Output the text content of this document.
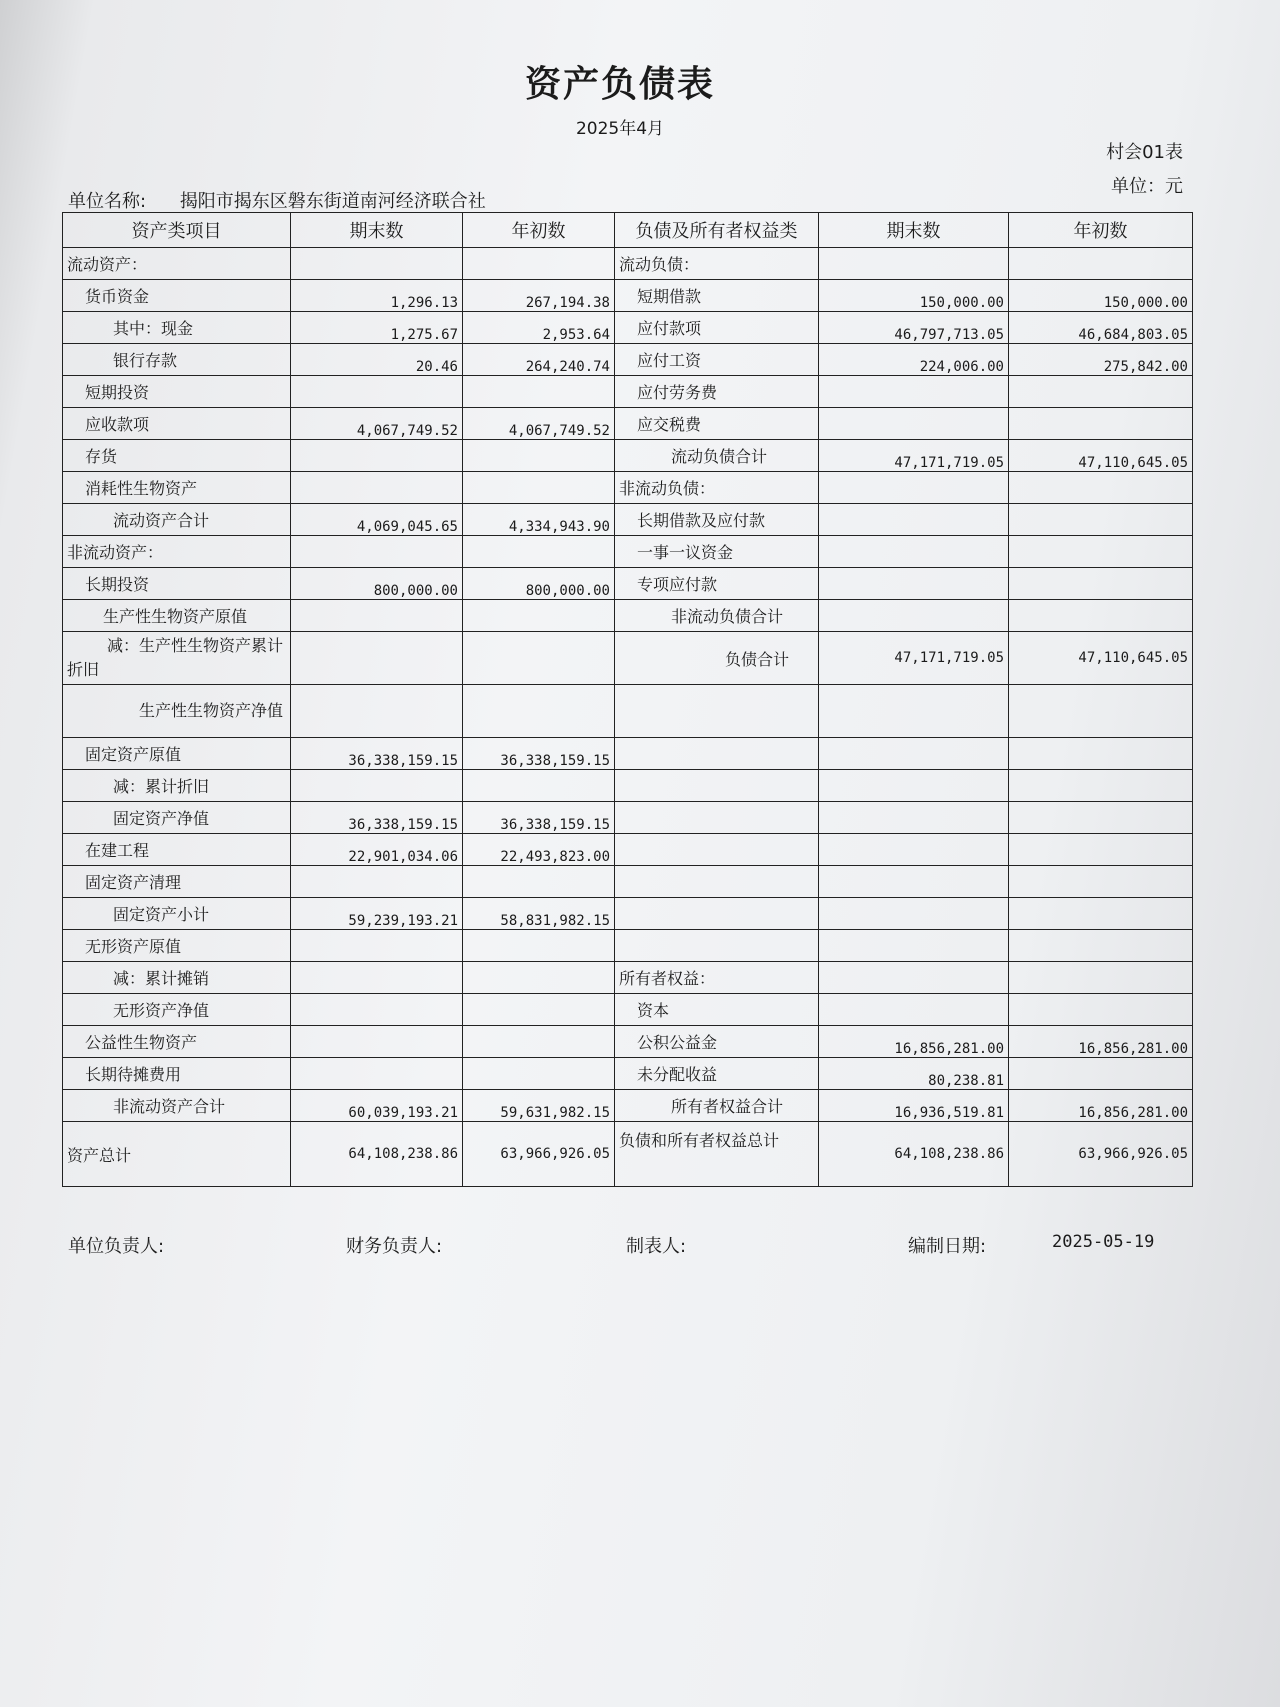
资产负债表
2025年4月
村会01表
单位：元
单位名称: 揭阳市揭东区磐东街道南河经济联合社
资产类项目	期末数	年初数	负债及所有者权益类	期末数	年初数
流动资产：			流动负债：		
货币资金	1,296.13	267,194.38	短期借款	150,000.00	150,000.00
其中：现金	1,275.67	2,953.64	应付款项	46,797,713.05	46,684,803.05
银行存款	20.46	264,240.74	应付工资	224,006.00	275,842.00
短期投资			应付劳务费		
应收款项	4,067,749.52	4,067,749.52	应交税费		
存货			流动负债合计	47,171,719.05	47,110,645.05
消耗性生物资产			非流动负债：		
流动资产合计	4,069,045.65	4,334,943.90	长期借款及应付款		
非流动资产：			一事一议资金		
长期投资	800,000.00	800,000.00	专项应付款		
生产性生物资产原值			非流动负债合计		
减：生产性生物资产累计折旧			负债合计	47,171,719.05	47,110,645.05
生产性生物资产净值					
固定资产原值	36,338,159.15	36,338,159.15			
减：累计折旧					
固定资产净值	36,338,159.15	36,338,159.15			
在建工程	22,901,034.06	22,493,823.00			
固定资产清理					
固定资产小计	59,239,193.21	58,831,982.15			
无形资产原值					
减：累计摊销			所有者权益：		
无形资产净值			资本		
公益性生物资产			公积公益金	16,856,281.00	16,856,281.00
长期待摊费用			未分配收益	80,238.81	
非流动资产合计	60,039,193.21	59,631,982.15	所有者权益合计	16,936,519.81	16,856,281.00
资产总计	64,108,238.86	63,966,926.05	负债和所有者权益总计	64,108,238.86	63,966,926.05
单位负责人:	财务负责人:	制表人:	编制日期:	2025-05-19
